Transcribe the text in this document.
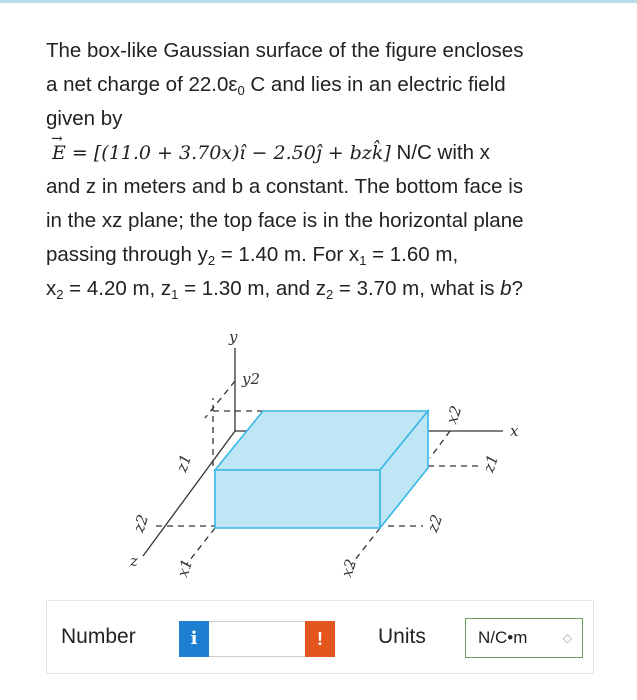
The box-like Gaussian surface of the figure encloses

a net charge of $22.0\varepsilon_0$ C and lies in an electric field

given by

→
E = [(11.0 + 3.70x)î − 2.50ĵ + bzk̂] N/C with x

and z in meters and b a constant. The bottom face is

in the xz plane; the top face is in the horizontal plane

passing through $y_2 = 1.40$ m. For $x_1 = 1.60$ m,

$x_2 = 4.20$ m, $z_1 = 1.30$ m, and $z_2 = 3.70$ m, what is b?

y
y2
x
x2
z1
z1
z2	z2
z x1	x2
Number	i	!	Units	N/C•m	◇
